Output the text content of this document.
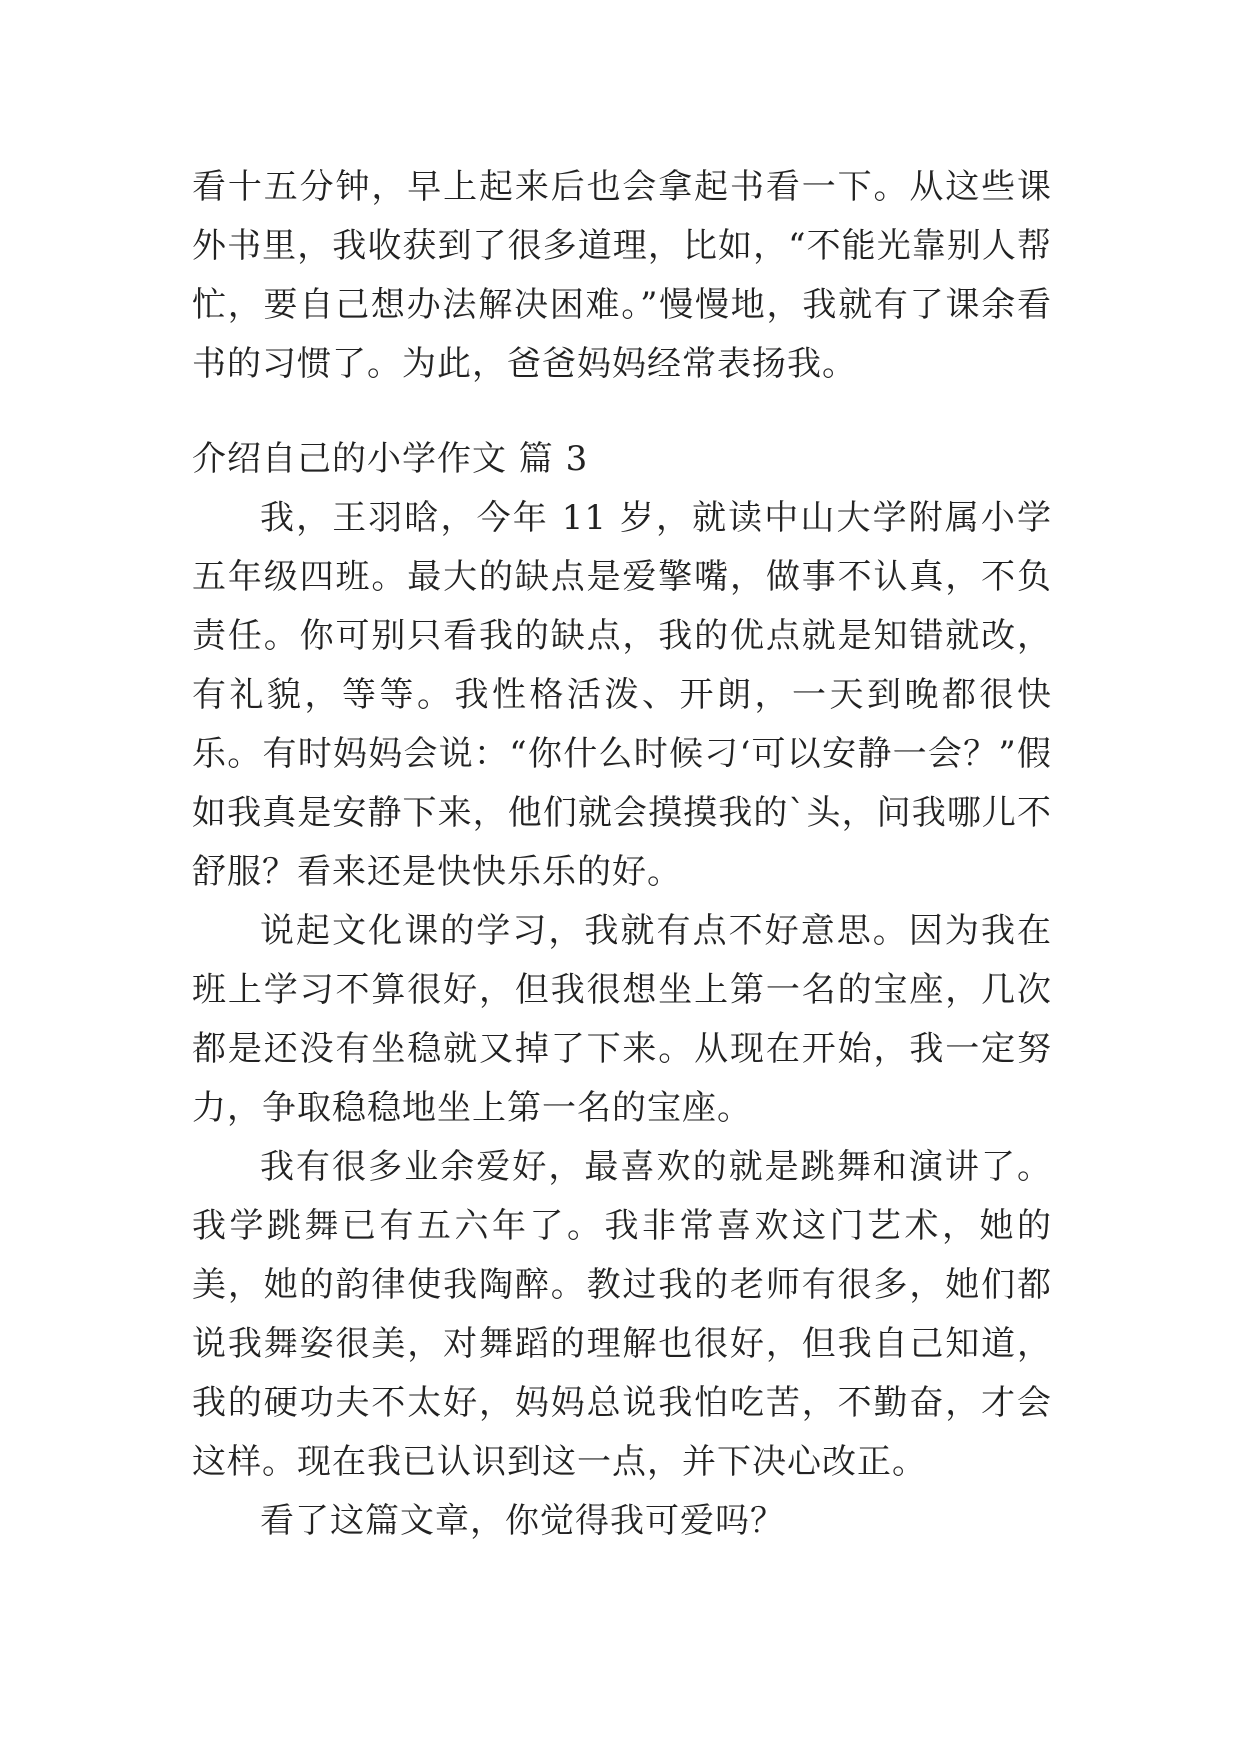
看十五分钟，早上起来后也会拿起书看一下。从这些课外书里，我收获到了很多道理，比如，“不能光靠别人帮忙，要自己想办法解决困难。”慢慢地，我就有了课余看书的习惯了。为此，爸爸妈妈经常表扬我。

介绍自己的小学作文 篇 3

我，王羽晗，今年 11 岁，就读中山大学附属小学五年级四班。最大的缺点是爱擎嘴，做事不认真，不负责任。你可别只看我的缺点，我的优点就是知错就改，有礼貌，等等。我性格活泼、开朗，一天到晚都很快乐。有时妈妈会说：“你什么时候刁‘可以安静一会？”假如我真是安静下来，他们就会摸摸我的`头，问我哪儿不舒服？看来还是快快乐乐的好。

说起文化课的学习，我就有点不好意思。因为我在班上学习不算很好，但我很想坐上第一名的宝座，几次都是还没有坐稳就又掉了下来。从现在开始，我一定努力，争取稳稳地坐上第一名的宝座。

我有很多业余爱好，最喜欢的就是跳舞和演讲了。我学跳舞已有五六年了。我非常喜欢这门艺术，她的美，她的韵律使我陶醉。教过我的老师有很多，她们都说我舞姿很美，对舞蹈的理解也很好，但我自己知道，我的硬功夫不太好，妈妈总说我怕吃苦，不勤奋，才会这样。现在我已认识到这一点，并下决心改正。

看了这篇文章，你觉得我可爱吗？
